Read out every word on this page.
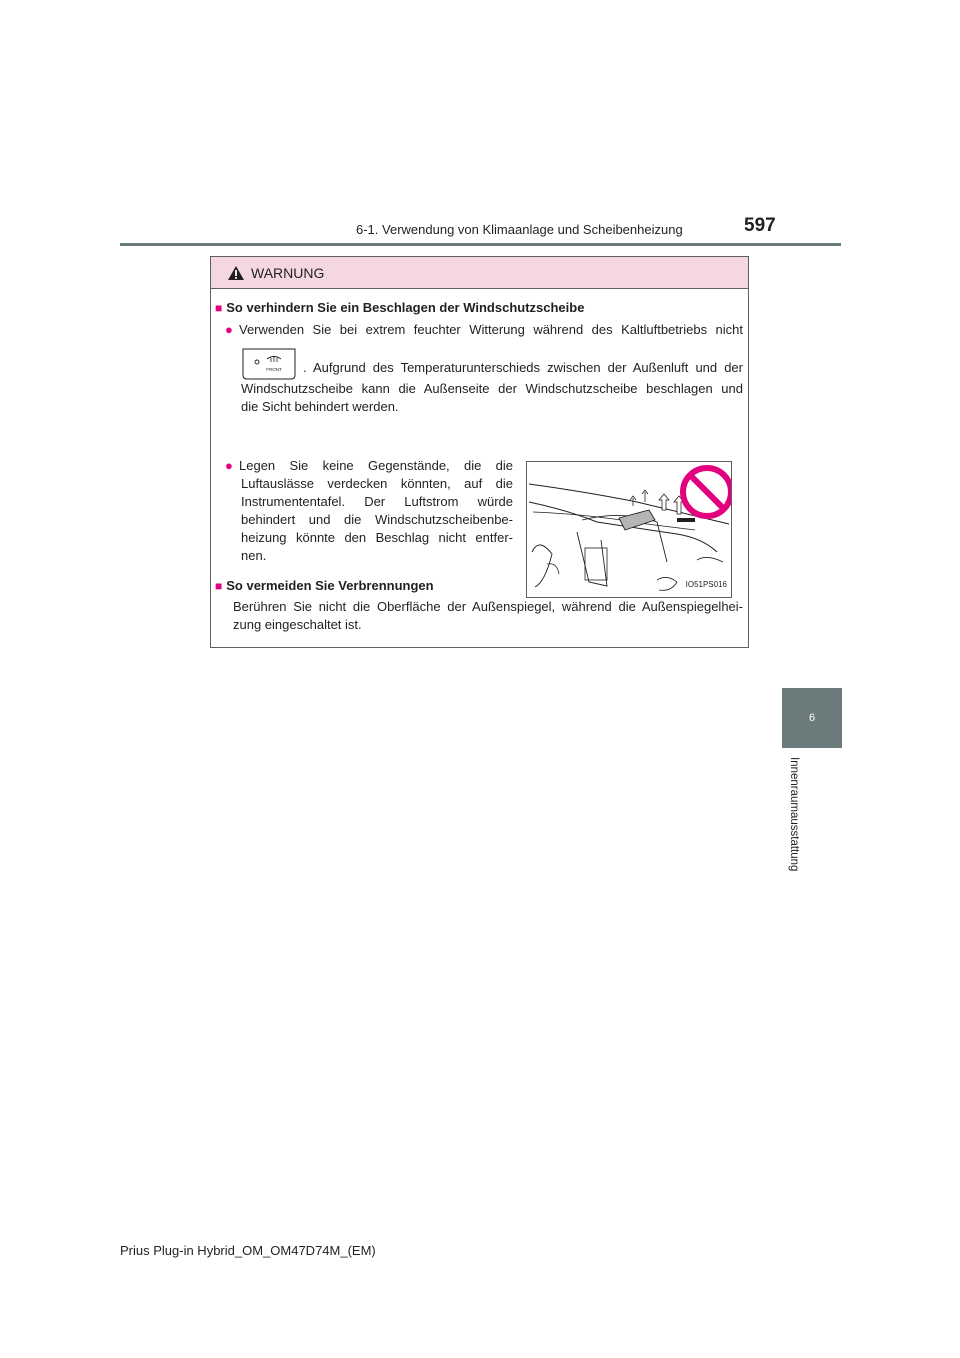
6-1. Verwendung von Klimaanlage und Scheibenheizung	597
6
Innenraumausstattung
WARNUNG
■ So verhindern Sie ein Beschlagen der Windschutzscheibe
● Verwenden Sie bei extrem feuchter Witterung während des Kaltluftbetriebs nicht
FRONT . Aufgrund des Temperaturunterschieds zwischen der Außenluft und der
Windschutzscheibe kann die Außenseite der Windschutzscheibe beschlagen und
die Sicht behindert werden.
● Legen Sie keine Gegenstände, die die
Luftauslässe verdecken könnten, auf die
Instrumententafel. Der Luftstrom würde
behindert und die Windschutzscheibenbe-
heizung könnte den Beschlag nicht entfer-
nen.
IO51PS016
■ So vermeiden Sie Verbrennungen
Berühren Sie nicht die Oberfläche der Außenspiegel, während die Außenspiegelhei-
zung eingeschaltet ist.
Prius Plug-in Hybrid_OM_OM47D74M_(EM)
